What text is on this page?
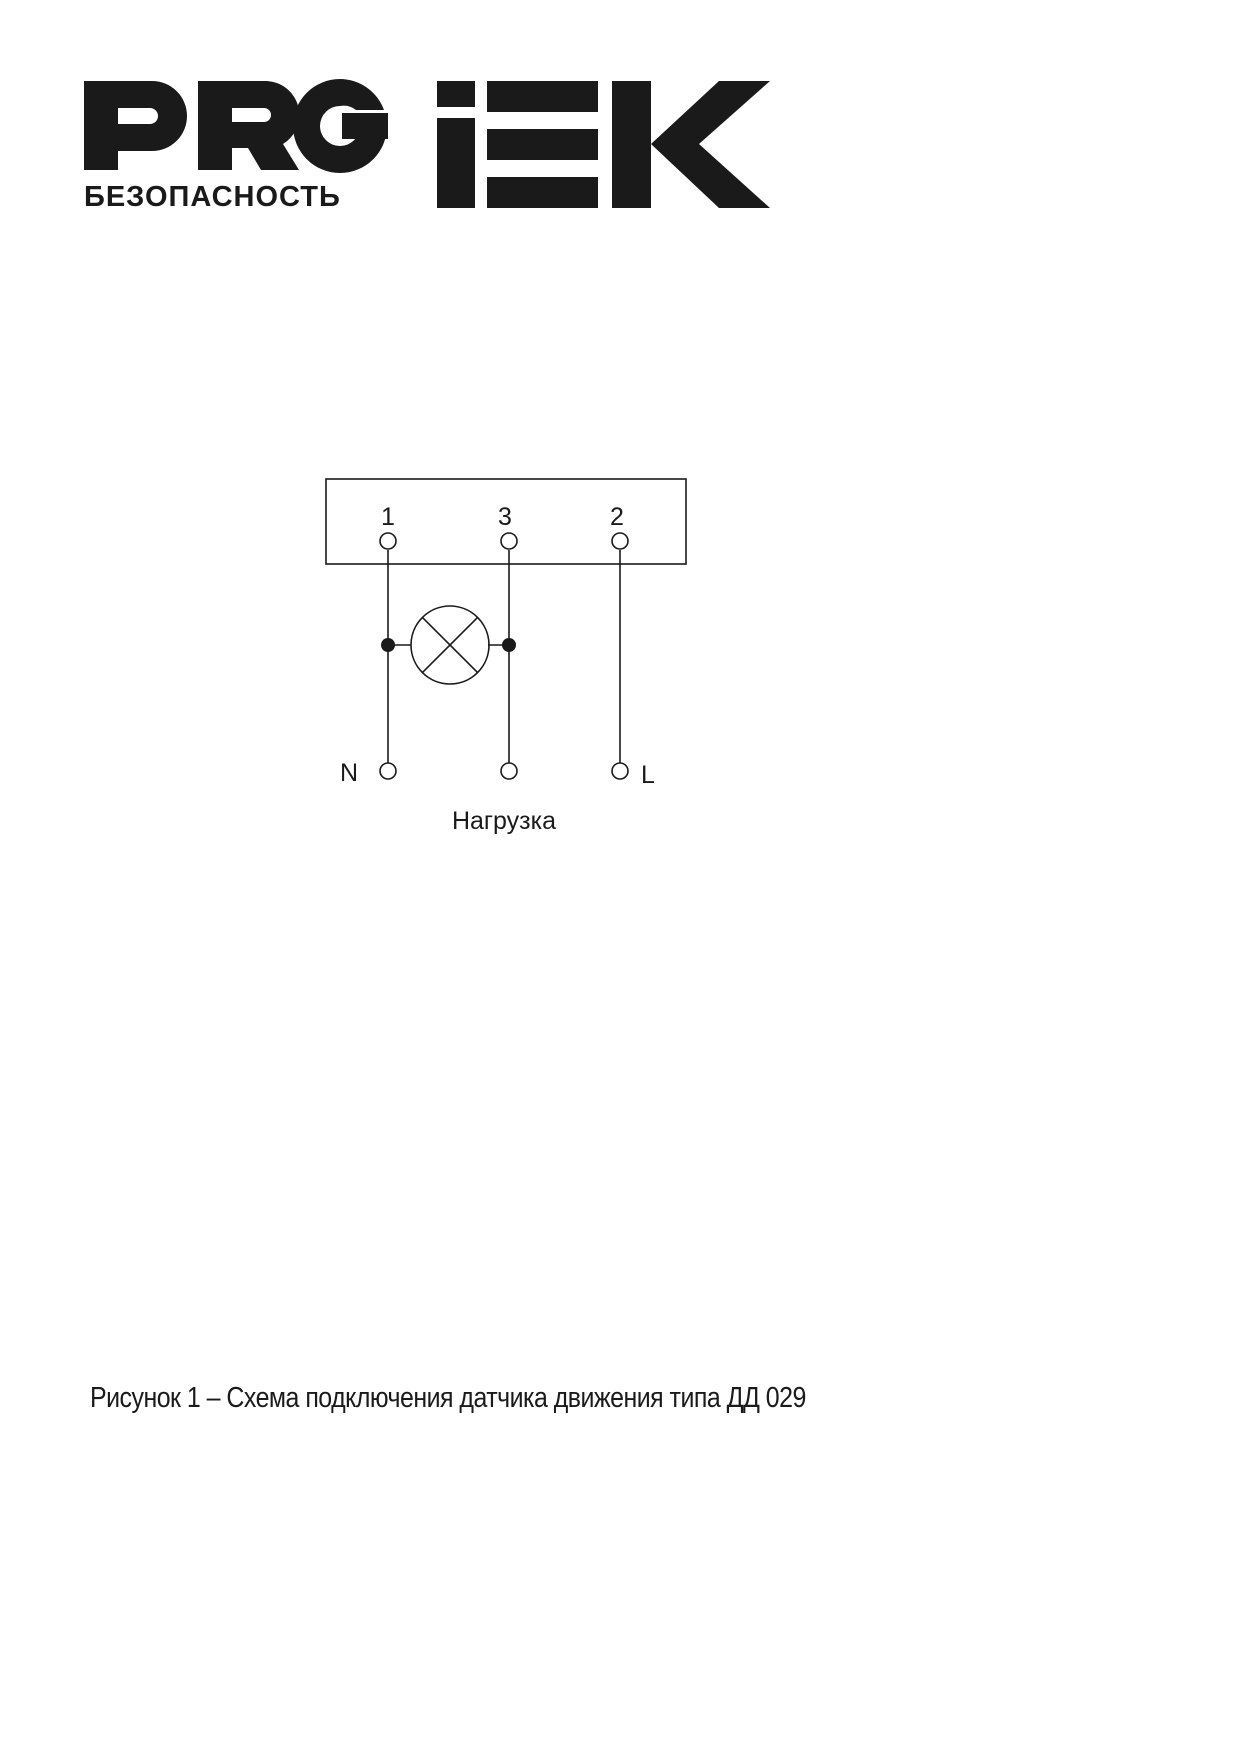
БЕЗОПАСНОСТЬ
1	3	2
N	L
Нагрузка
Рисунок 1 – Схема подключения датчика движения типа ДД 029
